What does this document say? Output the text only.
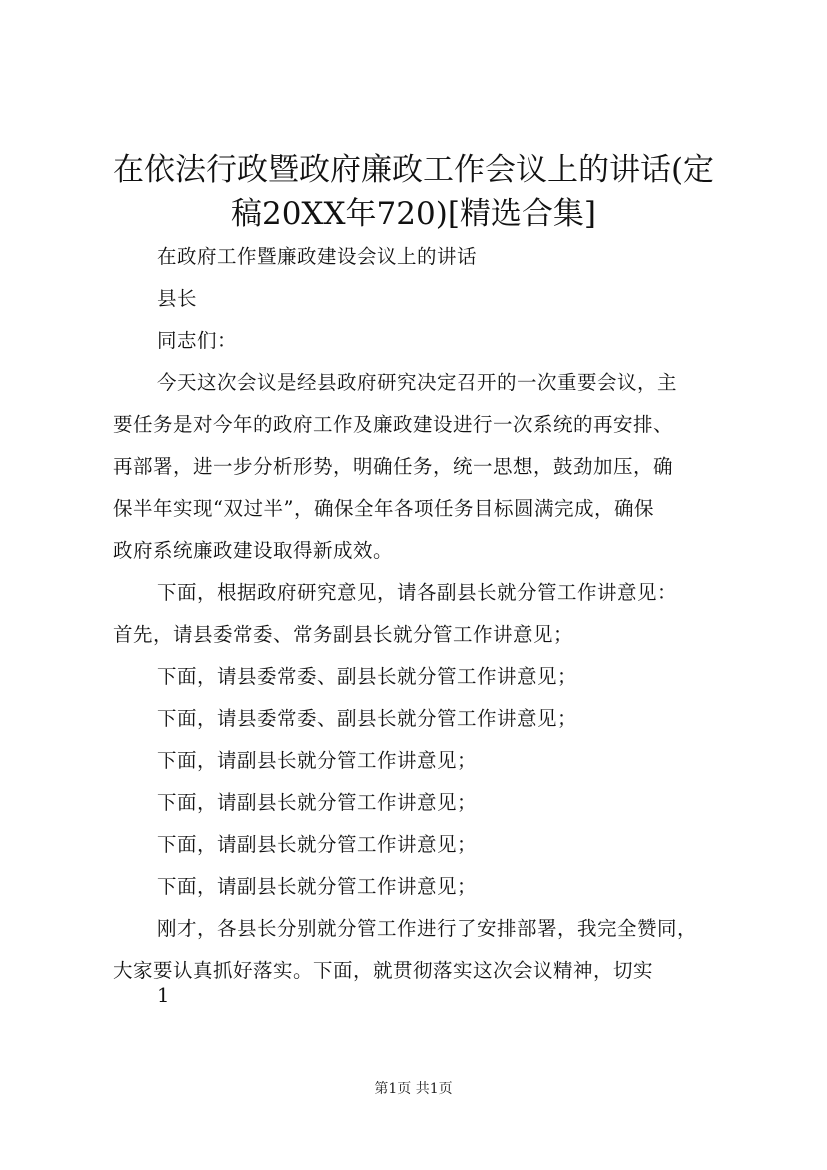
在依法行政暨政府廉政工作会议上的讲话(定
稿20XX年720)[精选合集]
在政府工作暨廉政建设会议上的讲话
县长
同志们：
今天这次会议是经县政府研究决定召开的一次重要会议，主
要任务是对今年的政府工作及廉政建设进行一次系统的再安排、
再部署，进一步分析形势，明确任务，统一思想，鼓劲加压，确
保半年实现“双过半”，确保全年各项任务目标圆满完成，确保
政府系统廉政建设取得新成效。
下面，根据政府研究意见，请各副县长就分管工作讲意见：
首先，请县委常委、常务副县长就分管工作讲意见；
下面，请县委常委、副县长就分管工作讲意见；
下面，请县委常委、副县长就分管工作讲意见；
下面，请副县长就分管工作讲意见；
下面，请副县长就分管工作讲意见；
下面，请副县长就分管工作讲意见；
下面，请副县长就分管工作讲意见；
刚才，各县长分别就分管工作进行了安排部署，我完全赞同，
大家要认真抓好落实。下面，就贯彻落实这次会议精神，切实
1
第1页 共1页
